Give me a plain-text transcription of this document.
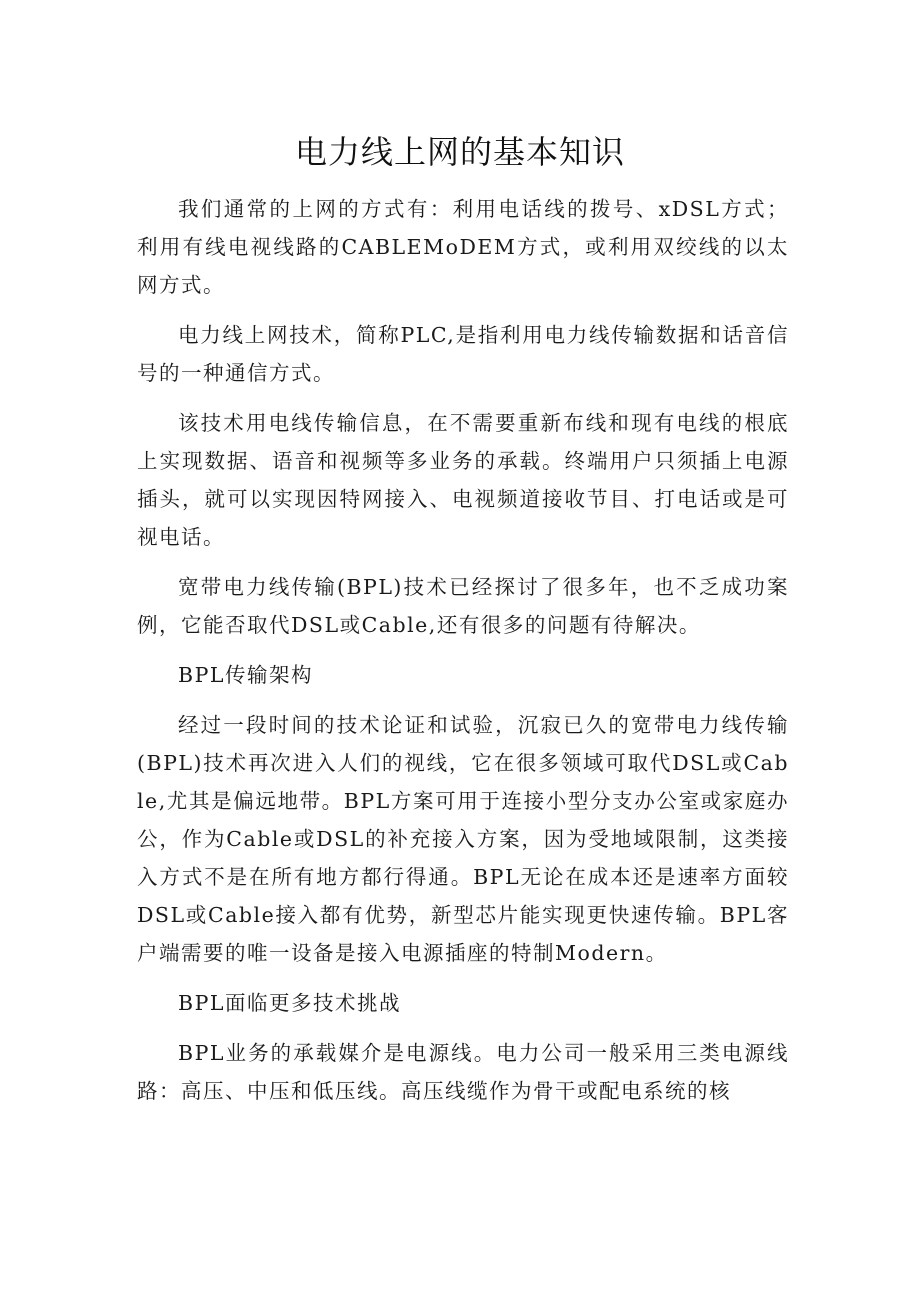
电力线上网的基本知识

我们通常的上网的方式有：利用电话线的拨号、xDSL方式；利用有线电视线路的CABLEMoDEM方式，或利用双绞线的以太网方式。

电力线上网技术，简称PLC,是指利用电力线传输数据和话音信号的一种通信方式。

该技术用电线传输信息，在不需要重新布线和现有电线的根底上实现数据、语音和视频等多业务的承载。终端用户只须插上电源插头，就可以实现因特网接入、电视频道接收节目、打电话或是可视电话。

宽带电力线传输(BPL)技术已经探讨了很多年，也不乏成功案例，它能否取代DSL或Cable,还有很多的问题有待解决。

BPL传输架构

经过一段时间的技术论证和试验，沉寂已久的宽带电力线传输(BPL)技术再次进入人们的视线，它在很多领域可取代DSL或Cable,尤其是偏远地带。BPL方案可用于连接小型分支办公室或家庭办公，作为Cable或DSL的补充接入方案，因为受地域限制，这类接入方式不是在所有地方都行得通。BPL无论在成本还是速率方面较DSL或Cable接入都有优势，新型芯片能实现更快速传输。BPL客户端需要的唯一设备是接入电源插座的特制Modern。

BPL面临更多技术挑战

BPL业务的承载媒介是电源线。电力公司一般采用三类电源线路：高压、中压和低压线。高压线缆作为骨干或配电系统的核
